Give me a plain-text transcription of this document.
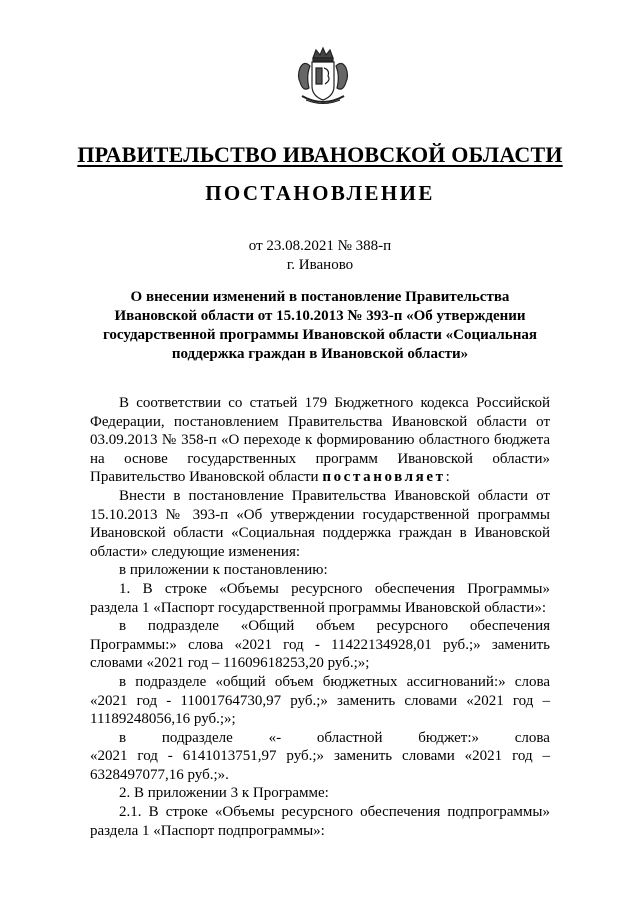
ПРАВИТЕЛЬСТВО ИВАНОВСКОЙ ОБЛАСТИ
ПОСТАНОВЛЕНИЕ
от 23.08.2021 № 388-п
г. Иваново
О внесении изменений в постановление Правительства
Ивановской области от 15.10.2013 № 393-п «Об утверждении
государственной программы Ивановской области «Социальная
поддержка граждан в Ивановской области»

В соответствии со статьей 179 Бюджетного кодекса Российской Федерации, постановлением Правительства Ивановской области от 03.09.2013 № 358-п «О переходе к формированию областного бюджета на основе государственных программ Ивановской области» Правительство Ивановской области постановляет:

Внести в постановление Правительства Ивановской области от 15.10.2013 № 393-п «Об утверждении государственной программы Ивановской области «Социальная поддержка граждан в Ивановской области» следующие изменения:

в приложении к постановлению:

1. В строке «Объемы ресурсного обеспечения Программы» раздела 1 «Паспорт государственной программы Ивановской области»:

в подразделе «Общий объем ресурсного обеспечения Программы:» слова «2021 год - 11422134928,01 руб.;» заменить словами «2021 год – 11609618253,20 руб.;»;

в подразделе «общий объем бюджетных ассигнований:» слова «2021 год - 11001764730,97 руб.;» заменить словами «2021 год – 11189248056,16 руб.;»;

в подразделе «- областной бюджет:» слова

«2021 год - 6141013751,97 руб.;» заменить словами «2021 год – 6328497077,16 руб.;».

2. В приложении 3 к Программе:

2.1. В строке «Объемы ресурсного обеспечения подпрограммы» раздела 1 «Паспорт подпрограммы»:
